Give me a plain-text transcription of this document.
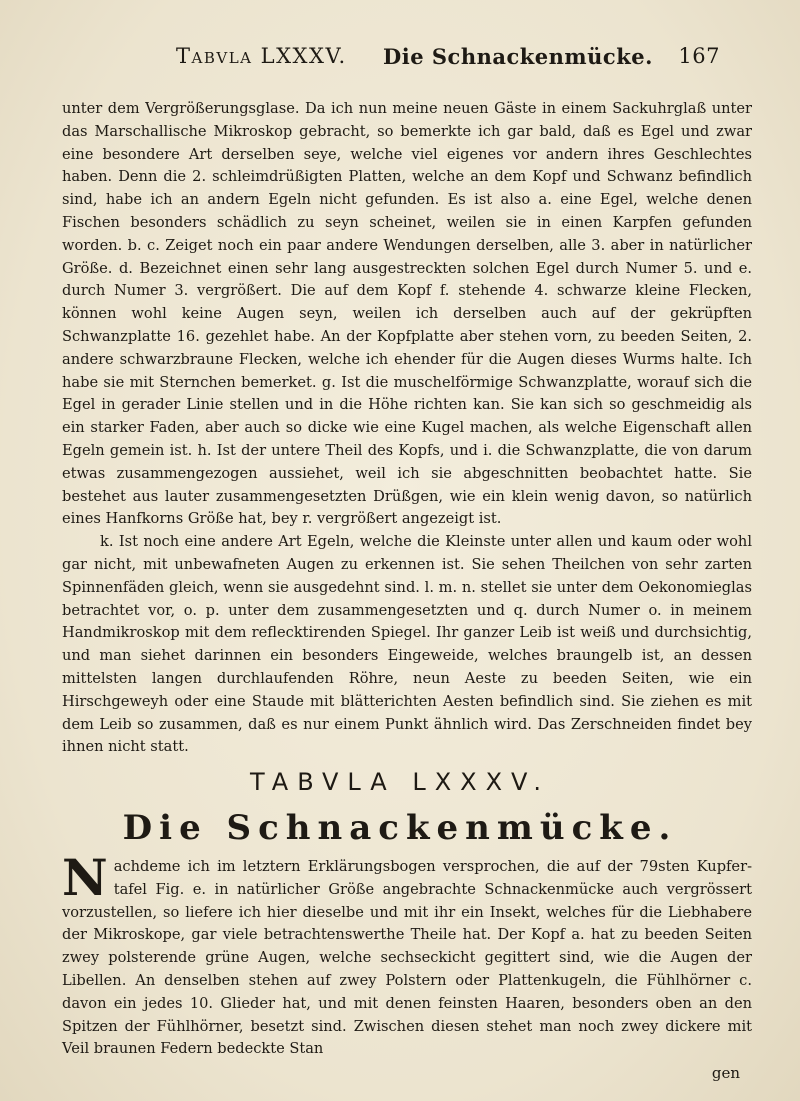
Tabvla LXXXV. Die Schnackenmücke. 167

unter dem Vergrößerungsglase. Da ich nun meine neuen Gäste in einem Sackuhrglaß unter das Marschallische Mikroskop gebracht, so bemerkte ich gar bald, daß es Egel und zwar eine besondere Art derselben seye, welche viel eigenes vor andern ihres Geschlechtes haben. Denn die 2. schleimdrüßigten Platten, welche an dem Kopf und Schwanz befindlich sind, habe ich an andern Egeln nicht gefunden. Es ist also a. eine Egel, welche denen Fischen besonders schädlich zu seyn scheinet, weilen sie in einen Karpfen gefunden worden. b. c. Zeiget noch ein paar andere Wendungen derselben, alle 3. aber in natürlicher Größe. d. Bezeichnet einen sehr lang ausgestreckten solchen Egel durch Numer 5. und e. durch Numer 3. vergrößert. Die auf dem Kopf f. stehende 4. schwarze kleine Flecken, können wohl keine Augen seyn, weilen ich derselben auch auf der gekrüpften Schwanzplatte 16. gezehlet habe. An der Kopfplatte aber stehen vorn, zu beeden Seiten, 2. andere schwarzbraune Flecken, welche ich ehender für die Augen dieses Wurms halte. Ich habe sie mit Sternchen bemerket. g. Ist die muschelförmige Schwanzplatte, worauf sich die Egel in gerader Linie stellen und in die Höhe richten kan. Sie kan sich so geschmeidig als ein starker Faden, aber auch so dicke wie eine Kugel machen, als welche Eigenschaft allen Egeln gemein ist. h. Ist der untere Theil des Kopfs, und i. die Schwanzplatte, die von darum etwas zusammengezogen aussiehet, weil ich sie abgeschnitten beobachtet hatte. Sie bestehet aus lauter zusammengesetzten Drüßgen, wie ein klein wenig davon, so natürlich eines Hanfkorns Größe hat, bey r. vergrößert angezeigt ist.

k. Ist noch eine andere Art Egeln, welche die Kleinste unter allen und kaum oder wohl gar nicht, mit unbewafneten Augen zu erkennen ist. Sie sehen Theilchen von sehr zarten Spinnenfäden gleich, wenn sie ausgedehnt sind. l. m. n. stellet sie unter dem Oekonomieglas betrachtet vor, o. p. unter dem zusammengesetzten und q. durch Numer o. in meinem Handmikroskop mit dem reflecktirenden Spiegel. Ihr ganzer Leib ist weiß und durchsichtig, und man siehet darinnen ein besonders Eingeweide, welches braungelb ist, an dessen mittelsten langen durchlaufenden Röhre, neun Aeste zu beeden Seiten, wie ein Hirschgeweyh oder eine Staude mit blätterichten Aesten befindlich sind. Sie ziehen es mit dem Leib so zusammen, daß es nur einem Punkt ähnlich wird. Das Zerschneiden findet bey ihnen nicht statt.

TABVLA LXXXV.
Die Schnackenmücke.

Nachdeme ich im letztern Erklärungsbogen versprochen, die auf der 79sten Kupfertafel Fig. e. in natürlicher Größe angebrachte Schnackenmücke auch vergrössert vorzustellen, so liefere ich hier dieselbe und mit ihr ein Insekt, welches für die Liebhabere der Mikroskope, gar viele betrachtenswerthe Theile hat. Der Kopf a. hat zu beeden Seiten zwey polsterende grüne Augen, welche sechseckicht gegittert sind, wie die Augen der Libellen. An denselben stehen auf zwey Polstern oder Plattenkugeln, die Fühlhörner c. davon ein jedes 10. Glieder hat, und mit denen feinsten Haaren, besonders oben an den Spitzen der Fühlhörner, besetzt sind. Zwischen diesen stehet man noch zwey dickere mit Veil braunen Federn bedeckte Stan

gen
